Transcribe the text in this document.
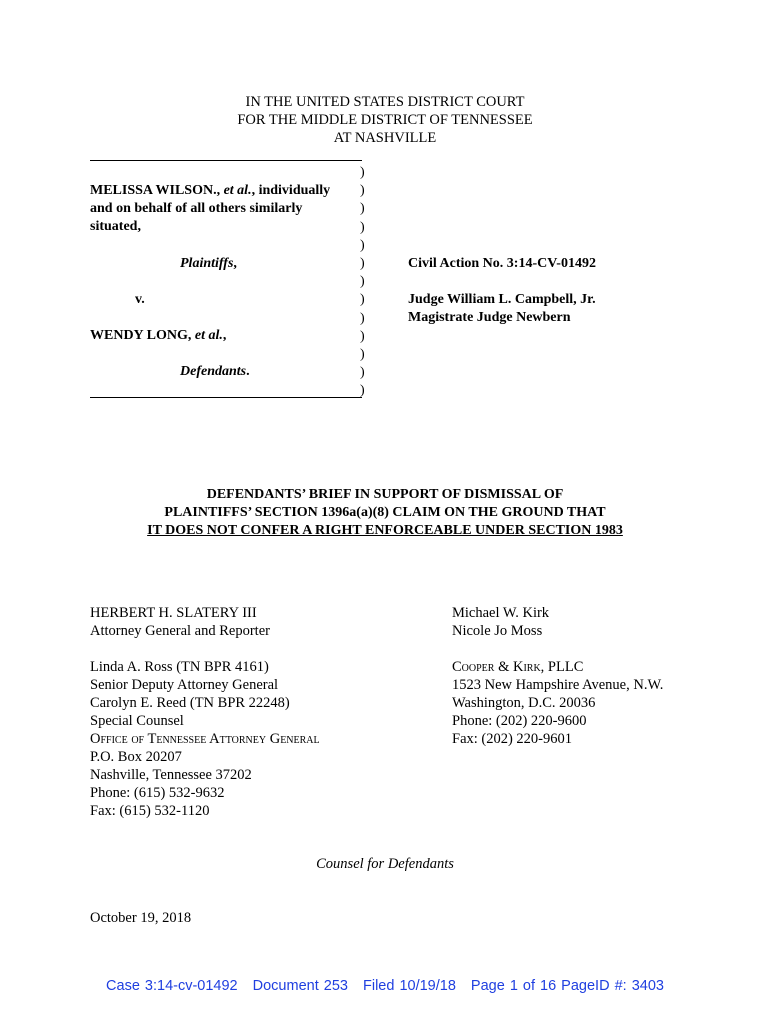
IN THE UNITED STATES DISTRICT COURT
FOR THE MIDDLE DISTRICT OF TENNESSEE
AT NASHVILLE
MELISSA WILSON., et al., individually
and on behalf of all others similarly
situated,
Plaintiffs,
v.
WENDY LONG, et al.,
Defendants.
)
)
)
)
)
)
)
)
)
)
)
)
)
Civil Action No. 3:14-CV-01492
Judge William L. Campbell, Jr.
Magistrate Judge Newbern
DEFENDANTS’ BRIEF IN SUPPORT OF DISMISSAL OF
PLAINTIFFS’ SECTION 1396a(a)(8) CLAIM ON THE GROUND THAT
IT DOES NOT CONFER A RIGHT ENFORCEABLE UNDER SECTION 1983
HERBERT H. SLATERY III
Attorney General and Reporter
Linda A. Ross (TN BPR 4161)
Senior Deputy Attorney General
Carolyn E. Reed (TN BPR 22248)
Special Counsel
Office of Tennessee Attorney General
P.O. Box 20207
Nashville, Tennessee 37202
Phone: (615) 532-9632
Fax: (615) 532-1120
Michael W. Kirk
Nicole Jo Moss
Cooper & Kirk, PLLC
1523 New Hampshire Avenue, N.W.
Washington, D.C. 20036
Phone: (202) 220-9600
Fax: (202) 220-9601
Counsel for Defendants
October 19, 2018
Case 3:14-cv-01492 Document 253 Filed 10/19/18 Page 1 of 16 PageID #: 3403
